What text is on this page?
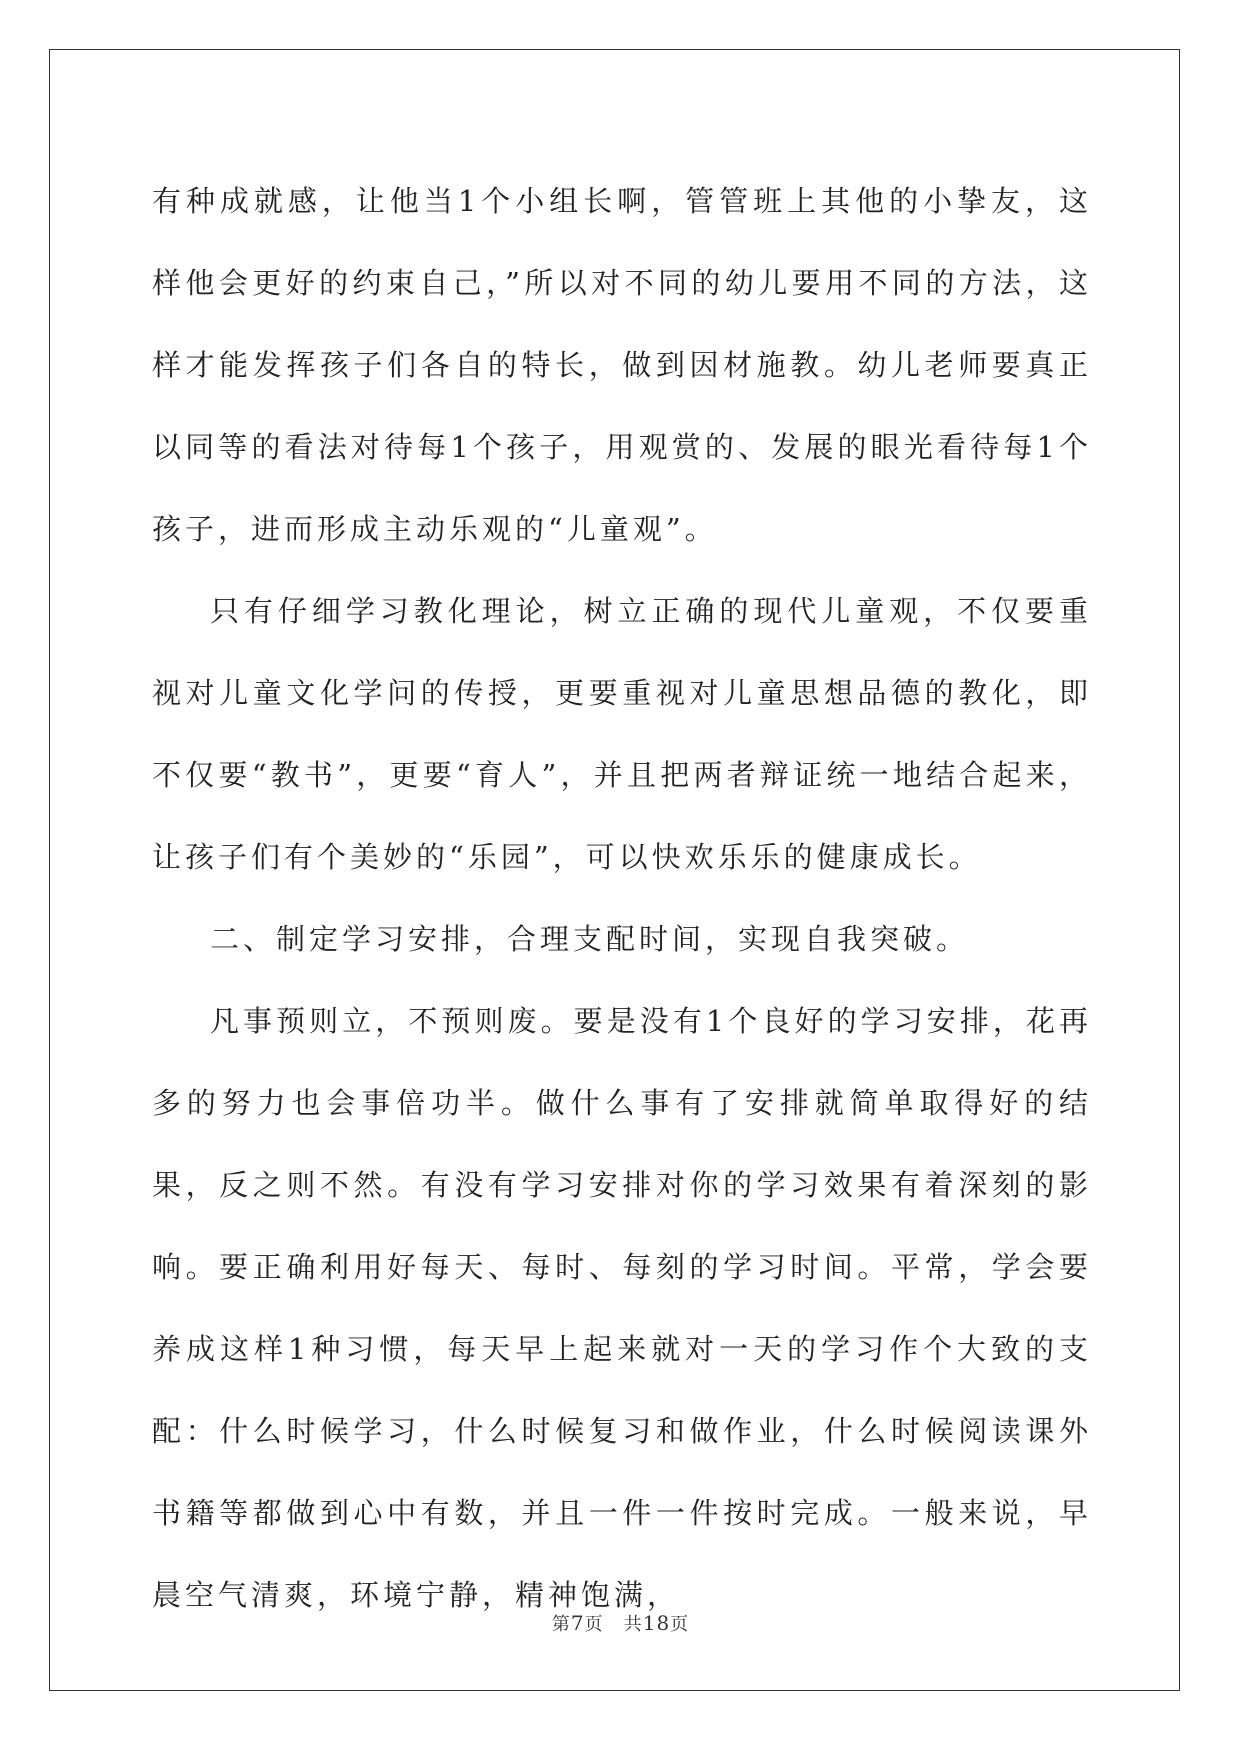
有种成就感，让他当1个小组长啊，管管班上其他的小挚友，这样他会更好的约束自己，”所以对不同的幼儿要用不同的方法，这样才能发挥孩子们各自的特长，做到因材施教。幼儿老师要真正以同等的看法对待每1个孩子，用观赏的、发展的眼光看待每1个孩子，进而形成主动乐观的“儿童观”。

只有仔细学习教化理论，树立正确的现代儿童观，不仅要重视对儿童文化学问的传授，更要重视对儿童思想品德的教化，即不仅要“教书”，更要“育人”，并且把两者辩证统一地结合起来，让孩子们有个美妙的“乐园”，可以快欢乐乐的健康成长。

二、制定学习安排，合理支配时间，实现自我突破。

凡事预则立，不预则废。要是没有1个良好的学习安排，花再多的努力也会事倍功半。做什么事有了安排就简单取得好的结果，反之则不然。有没有学习安排对你的学习效果有着深刻的影响。要正确利用好每天、每时、每刻的学习时间。平常，学会要养成这样1种习惯，每天早上起来就对一天的学习作个大致的支配：什么时候学习，什么时候复习和做作业，什么时候阅读课外书籍等都做到心中有数，并且一件一件按时完成。一般来说，早晨空气清爽，环境宁静，精神饱满，

第7页 共18页
